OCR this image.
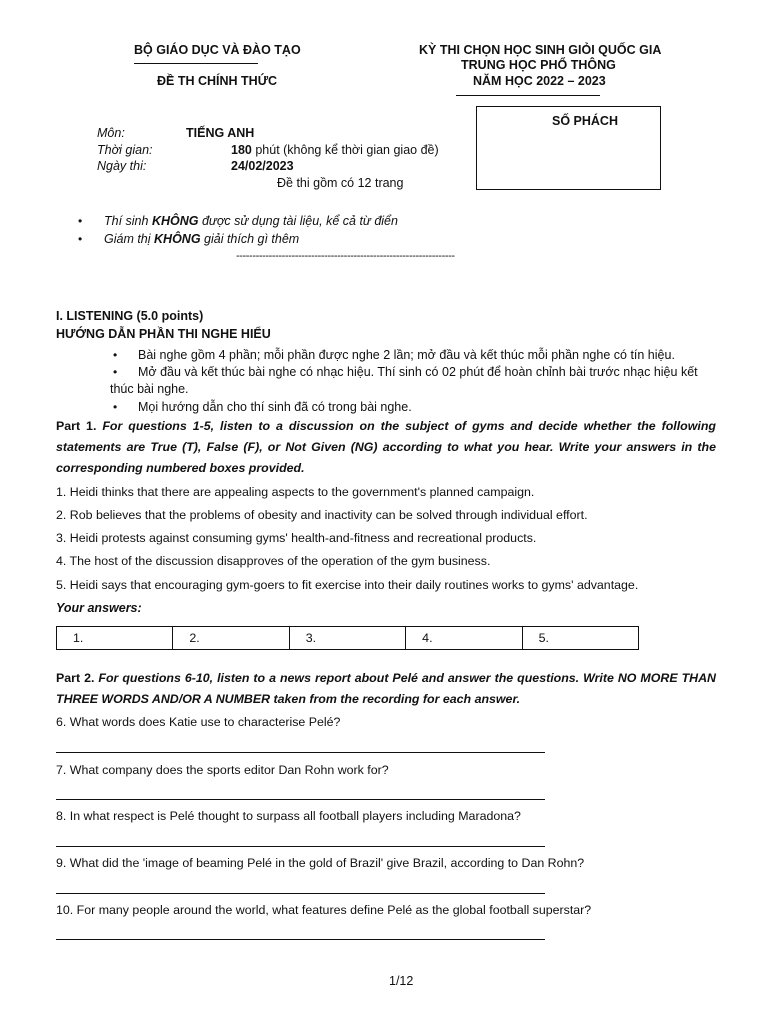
BỘ GIÁO DỤC VÀ ĐÀO TẠO
ĐỀ TH CHÍNH THỨC
KỲ THI CHỌN HỌC SINH GIỎI QUỐC GIA
TRUNG HỌC PHỔ THÔNG
NĂM HỌC 2022 – 2023
SỐ PHÁCH
Môn:	TIẾNG ANH
Thời gian:	180 phút (không kể thời gian giao đề)
Ngày thi:	24/02/2023
Đề thi gồm có 12 trang
• Thí sinh KHÔNG được sử dụng tài liệu, kể cả từ điển
• Giám thị KHÔNG giải thích gì thêm
-------------------------------------------------------------------
I. LISTENING (5.0 points)
HƯỚNG DẪN PHẦN THI NGHE HIỂU
• Bài nghe gồm 4 phần; mỗi phần được nghe 2 lần; mở đầu và kết thúc mỗi phần nghe có tín hiệu.
• Mở đầu và kết thúc bài nghe có nhạc hiệu. Thí sinh có 02 phút để hoàn chỉnh bài trước nhạc hiệu kết
thúc bài nghe.
• Mọi hướng dẫn cho thí sinh đã có trong bài nghe.
Part 1. For questions 1-5, listen to a discussion on the subject of gyms and decide whether the following statements are True (T), False (F), or Not Given (NG) according to what you hear. Write your answers in the corresponding numbered boxes provided.
1. Heidi thinks that there are appealing aspects to the government's planned campaign.
2. Rob believes that the problems of obesity and inactivity can be solved through individual effort.
3. Heidi protests against consuming gyms' health-and-fitness and recreational products.
4. The host of the discussion disapproves of the operation of the gym business.
5. Heidi says that encouraging gym-goers to fit exercise into their daily routines works to gyms' advantage.
Your answers:
1.	2.	3.	4.	5.
Part 2. For questions 6-10, listen to a news report about Pelé and answer the questions. Write NO MORE THAN THREE WORDS AND/OR A NUMBER taken from the recording for each answer.
6. What words does Katie use to characterise Pelé?
7. What company does the sports editor Dan Rohn work for?
8. In what respect is Pelé thought to surpass all football players including Maradona?
9. What did the 'image of beaming Pelé in the gold of Brazil' give Brazil, according to Dan Rohn?
10. For many people around the world, what features define Pelé as the global football superstar?
1/12
